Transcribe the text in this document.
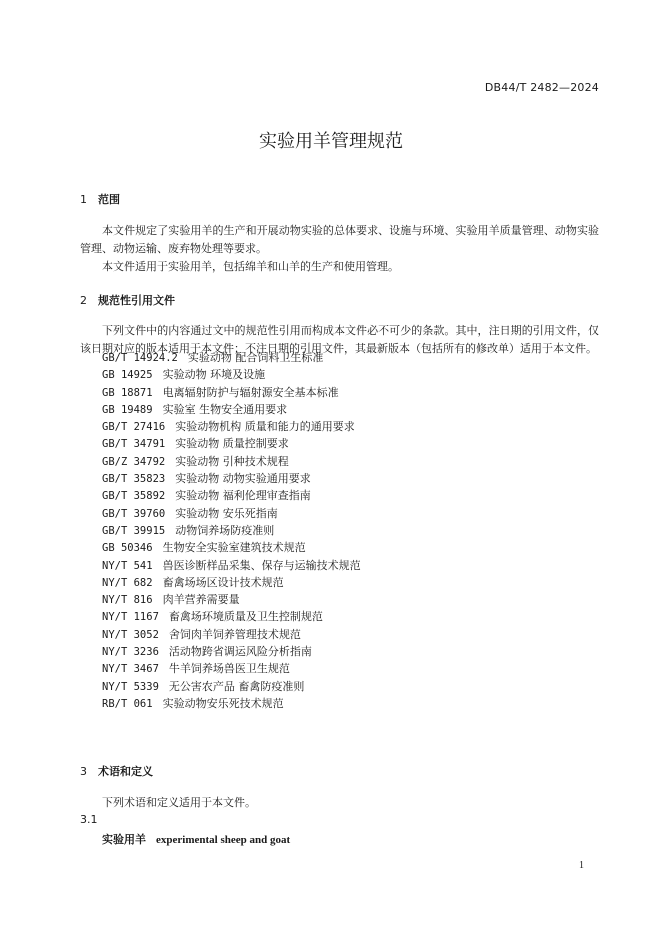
DB44/T 2482—2024
实验用羊管理规范
1 范围
本文件规定了实验用羊的生产和开展动物实验的总体要求、设施与环境、实验用羊质量管理、动物实验管理、动物运输、废弃物处理等要求。
本文件适用于实验用羊，包括绵羊和山羊的生产和使用管理。
2 规范性引用文件
下列文件中的内容通过文中的规范性引用而构成本文件必不可少的条款。其中，注日期的引用文件，仅该日期对应的版本适用于本文件；不注日期的引用文件，其最新版本（包括所有的修改单）适用于本文件。
GB/T 14924.2 实验动物 配合饲料卫生标准
GB 14925 实验动物 环境及设施
GB 18871 电离辐射防护与辐射源安全基本标准
GB 19489 实验室 生物安全通用要求
GB/T 27416 实验动物机构 质量和能力的通用要求
GB/T 34791 实验动物 质量控制要求
GB/Z 34792 实验动物 引种技术规程
GB/T 35823 实验动物 动物实验通用要求
GB/T 35892 实验动物 福利伦理审查指南
GB/T 39760 实验动物 安乐死指南
GB/T 39915 动物饲养场防疫准则
GB 50346 生物安全实验室建筑技术规范
NY/T 541 兽医诊断样品采集、保存与运输技术规范
NY/T 682 畜禽场场区设计技术规范
NY/T 816 肉羊营养需要量
NY/T 1167 畜禽场环境质量及卫生控制规范
NY/T 3052 舍饲肉羊饲养管理技术规范
NY/T 3236 活动物跨省调运风险分析指南
NY/T 3467 牛羊饲养场兽医卫生规范
NY/T 5339 无公害农产品 畜禽防疫准则
RB/T 061 实验动物安乐死技术规范
3 术语和定义
下列术语和定义适用于本文件。
3.1
实验用羊 experimental sheep and goat
1
